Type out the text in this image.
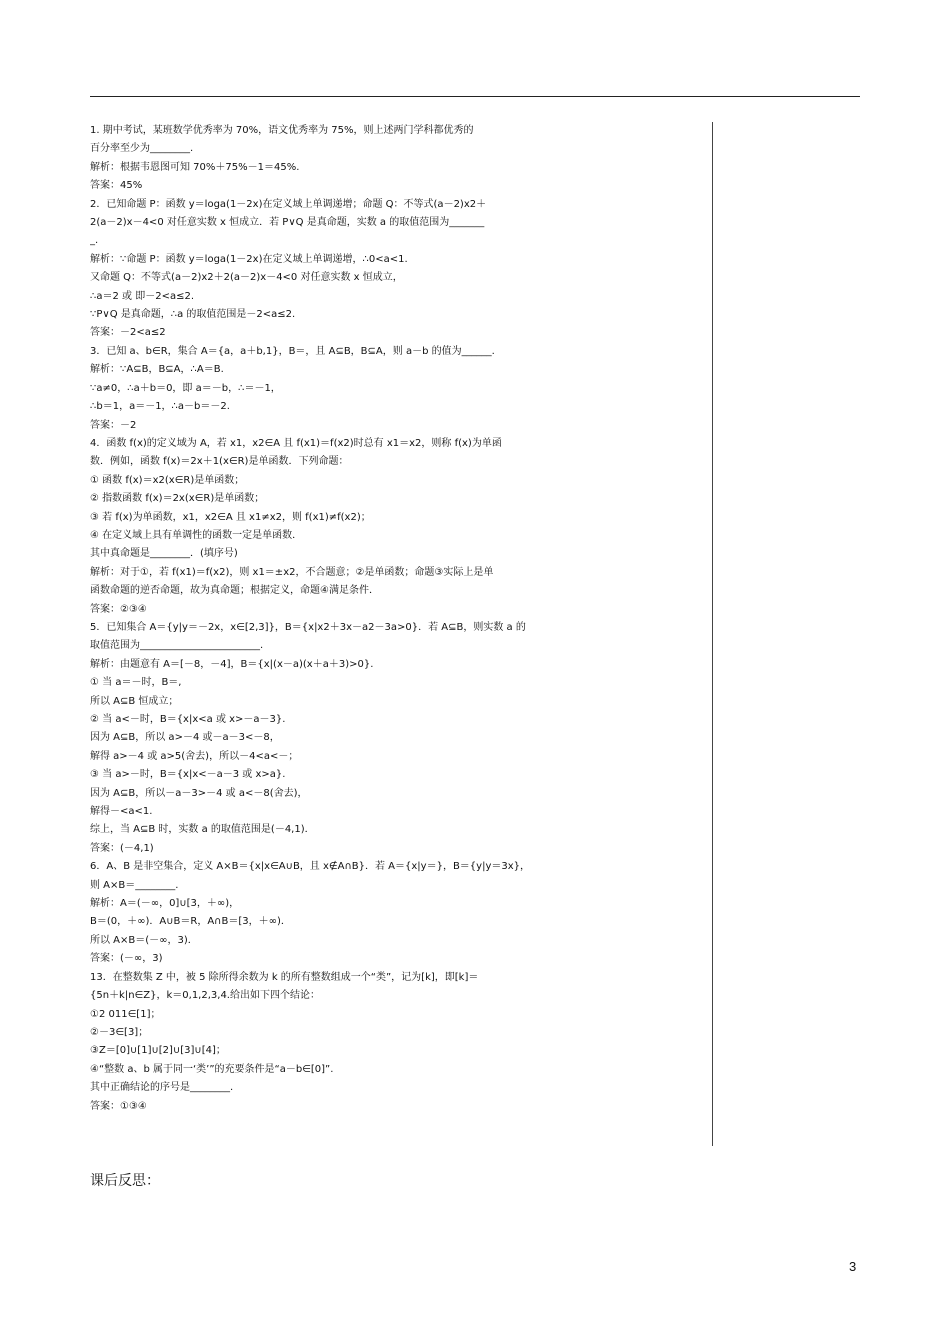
1. 期中考试，某班数学优秀率为 70%，语文优秀率为 75%，则上述两门学科都优秀的
百分率至少为________.
解析：根据韦恩图可知 70%＋75%－1＝45%.
答案：45%
2．已知命题 P：函数 y＝loga(1－2x)在定义域上单调递增；命题 Q：不等式(a－2)x2＋
2(a－2)x－4<0 对任意实数 x 恒成立．若 P∨Q 是真命题，实数 a 的取值范围为_______
_.
解析：∵命题 P：函数 y＝loga(1－2x)在定义域上单调递增，∴0<a<1.
又命题 Q：不等式(a－2)x2＋2(a－2)x－4<0 对任意实数 x 恒成立，
∴a＝2 或 即－2<a≤2.
∵P∨Q 是真命题，∴a 的取值范围是－2<a≤2.
答案：－2<a≤2
3．已知 a、b∈R，集合 A＝{a，a＋b,1}，B＝，且 A⊆B，B⊆A，则 a－b 的值为______.
解析：∵A⊆B，B⊆A，∴A＝B.
∵a≠0，∴a＋b＝0，即 a＝－b，∴＝－1，
∴b＝1，a＝－1，∴a－b＝－2.
答案：－2
4．函数 f(x)的定义域为 A，若 x1，x2∈A 且 f(x1)＝f(x2)时总有 x1＝x2，则称 f(x)为单函
数．例如，函数 f(x)＝2x＋1(x∈R)是单函数．下列命题：
① 函数 f(x)＝x2(x∈R)是单函数；
② 指数函数 f(x)＝2x(x∈R)是单函数；
③ 若 f(x)为单函数，x1，x2∈A 且 x1≠x2，则 f(x1)≠f(x2)；
④ 在定义域上具有单调性的函数一定是单函数．
其中真命题是________．(填序号)
解析：对于①，若 f(x1)＝f(x2)，则 x1＝±x2，不合题意；②是单函数；命题③实际上是单
函数命题的逆否命题，故为真命题；根据定义，命题④满足条件．
答案：②③④
5．已知集合 A＝{y|y＝－2x，x∈[2,3]}，B＝{x|x2＋3x－a2－3a>0}．若 A⊆B，则实数 a 的
取值范围为________________________.
解析：由题意有 A＝[－8，－4]，B＝{x|(x－a)(x＋a＋3)>0}.
① 当 a＝－时，B＝,
所以 A⊆B 恒成立；
② 当 a<－时，B＝{x|x<a 或 x>－a－3}.
因为 A⊆B，所以 a>－4 或－a－3<－8，
解得 a>－4 或 a>5(舍去)，所以－4<a<－；
③ 当 a>－时，B＝{x|x<－a－3 或 x>a}.
因为 A⊆B，所以－a－3>－4 或 a<－8(舍去)，
解得－<a<1.
综上，当 A⊆B 时，实数 a 的取值范围是(－4,1)．
答案：(－4,1)
6．A、B 是非空集合，定义 A×B＝{x|x∈A∪B，且 x∉A∩B}．若 A＝{x|y＝}，B＝{y|y＝3x}，
则 A×B＝________.
解析：A＝(－∞，0]∪[3，＋∞)，
B＝(0，＋∞)．A∪B＝R，A∩B＝[3，＋∞)．
所以 A×B＝(－∞，3)．
答案：(－∞，3)
13．在整数集 Z 中，被 5 除所得余数为 k 的所有整数组成一个“类”，记为[k]，即[k]＝
{5n＋k|n∈Z}，k＝0,1,2,3,4.给出如下四个结论：
①2 011∈[1]；
②－3∈[3]；
③Z＝[0]∪[1]∪[2]∪[3]∪[4]；
④“整数 a、b 属于同一‘类’”的充要条件是“a－b∈[0]”.
其中正确结论的序号是________.
答案：①③④
课后反思：
3
